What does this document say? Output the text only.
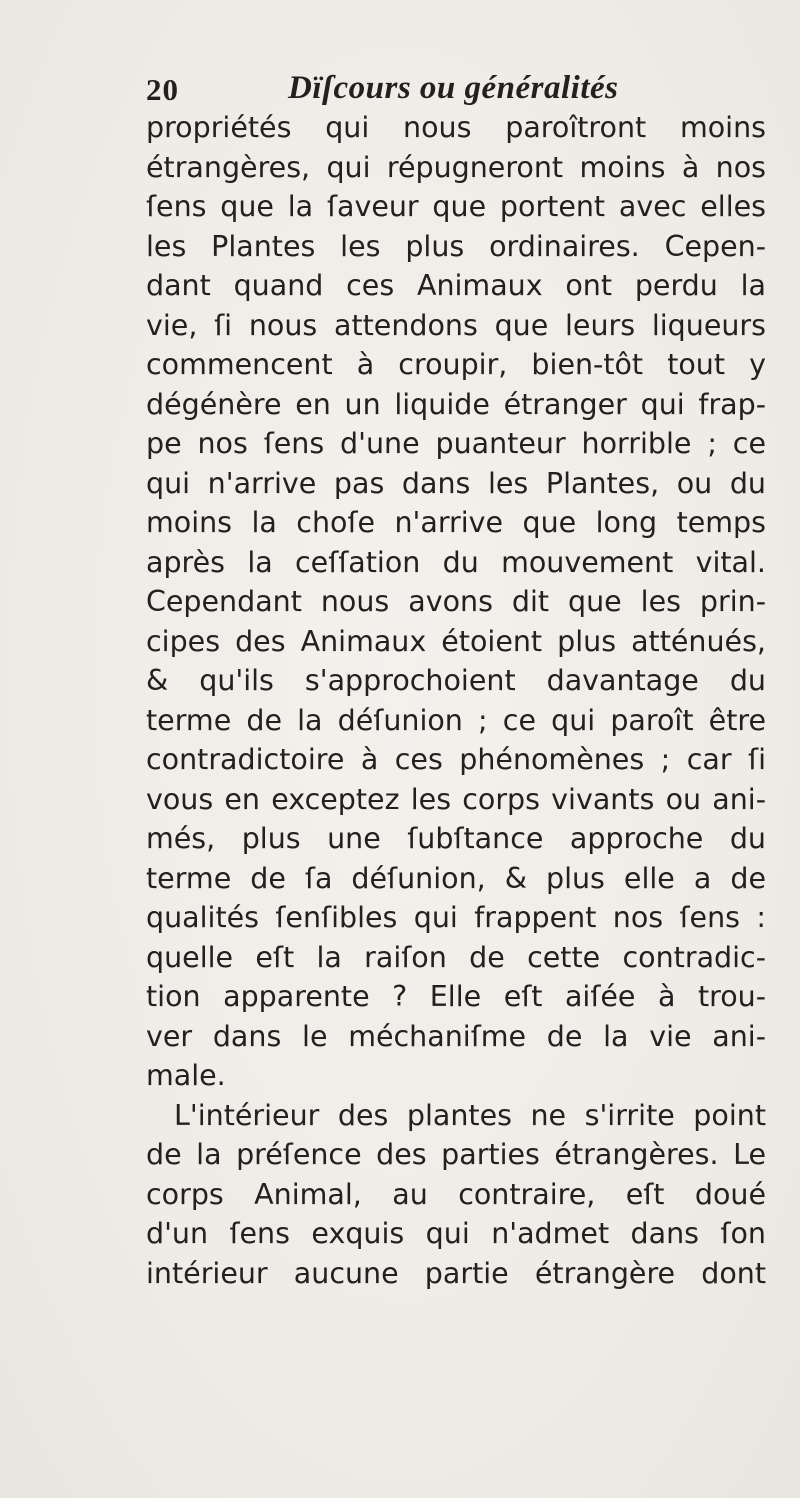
20	Dïſcours ou généralités
propriétés qui nous paroîtront moins
étrangères, qui répugneront moins à nos
ſens que la ſaveur que portent avec elles
les Plantes les plus ordinaires. Cepen-
dant quand ces Animaux ont perdu la
vie, ſi nous attendons que leurs liqueurs
commencent à croupir, bien-tôt tout y
dégénère en un liquide étranger qui frap-
pe nos ſens d'une puanteur horrible ; ce
qui n'arrive pas dans les Plantes, ou du
moins la choſe n'arrive que long temps
après la ceſſation du mouvement vital.
Cependant nous avons dit que les prin-
cipes des Animaux étoient plus atténués,
& qu'ils s'approchoient davantage du
terme de la déſunion ; ce qui paroît être
contradictoire à ces phénomènes ; car ſi
vous en exceptez les corps vivants ou ani-
més, plus une ſubſtance approche du
terme de ſa déſunion, & plus elle a de
qualités ſenſibles qui frappent nos ſens :
quelle eſt la raiſon de cette contradic-
tion apparente ? Elle eſt aiſée à trou-
ver dans le méchaniſme de la vie ani-
male.
L'intérieur des plantes ne s'irrite point
de la préſence des parties étrangères. Le
corps Animal, au contraire, eſt doué
d'un ſens exquis qui n'admet dans ſon
intérieur aucune partie étrangère dont
